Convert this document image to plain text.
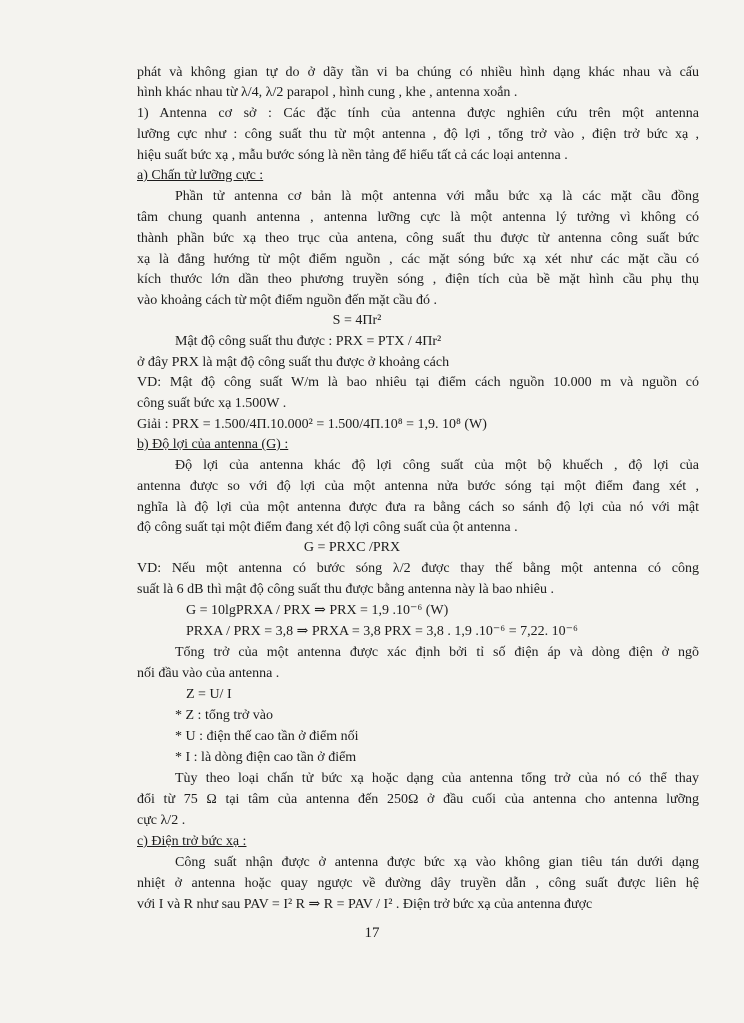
phát và không gian tự do ở dãy tần vi ba chúng có nhiều hình dạng khác nhau và cấu
hình khác nhau từ λ/4, λ/2 parapol , hình cung , khe , antenna xoắn .
1) Antenna cơ sở : Các đặc tính của antenna được nghiên cứu trên một antenna
lưỡng cực như : công suất thu từ một antenna , độ lợi , tổng trở vào , điện trở bức xạ ,
hiệu suất bức xạ , mẫu bước sóng là nền tảng để hiểu tất cả các loại antenna .
a) Chấn tử lưỡng cực :
Phần tử antenna cơ bản là một antenna với mẫu bức xạ là các mặt cầu đồng
tâm chung quanh antenna , antenna lưỡng cực là một antenna lý tưởng vì không có
thành phần bức xạ theo trục của antena, công suất thu được từ antenna công suất bức
xạ là đẳng hướng từ một điểm nguồn , các mặt sóng bức xạ xét như các mặt cầu có
kích thước lớn dần theo phương truyền sóng , điện tích của bề mặt hình cầu phụ thụ
vào khoảng cách từ một điểm nguồn đến mặt cầu đó .
S = 4Πr²
Mật độ công suất thu được : PRX = PTX / 4Πr²
ở đây PRX là mật độ công suất thu được ở khoảng cách
VD: Mật độ công suất W/m là bao nhiêu tại điểm cách nguồn 10.000 m và nguồn có
công suất bức xạ 1.500W .
Giải : PRX = 1.500/4Π.10.000² = 1.500/4Π.10⁸ = 1,9. 10⁸ (W)
b) Độ lợi của antenna (G) :
Độ lợi của antenna khác độ lợi công suất của một bộ khuếch , độ lợi của
antenna được so với độ lợi của một antenna nửa bước sóng tại một điểm đang xét ,
nghĩa là độ lợi của một antenna được đưa ra bằng cách so sánh độ lợi của nó với mật
độ công suất tại một điểm đang xét độ lợi công suất của ột antenna .
G = PRXC /PRX
VD: Nếu một antenna có bước sóng λ/2 được thay thế bằng một antenna có công
suất là 6 dB thì mật độ công suất thu được bằng antenna này là bao nhiêu .
G = 10lgPRXA / PRX ⇒ PRX = 1,9 .10⁻⁶ (W)
PRXA / PRX = 3,8 ⇒ PRXA = 3,8 PRX = 3,8 . 1,9 .10⁻⁶ = 7,22. 10⁻⁶
Tổng trở của một antenna được xác định bởi tỉ số điện áp và dòng điện ở ngõ
nối đầu vào của antenna .
Z = U/ I
* Z : tổng trở vào
* U : điện thế cao tần ở điểm nối
* I : là dòng điện cao tần ở điểm
Tùy theo loại chấn tử bức xạ hoặc dạng của antenna tổng trở của nó có thể thay
đổi từ 75 Ω tại tâm của antenna đến 250Ω ở đầu cuối của antenna cho antenna lưỡng
cực λ/2 .
c) Điện trở bức xạ :
Công suất nhận được ở antenna được bức xạ vào không gian tiêu tán dưới dạng
nhiệt ở antenna hoặc quay ngược về đường dây truyền dẫn , công suất được liên hệ
với I và R như sau PAV = I² R ⇒ R = PAV / I² . Điện trở bức xạ của antenna được
17
